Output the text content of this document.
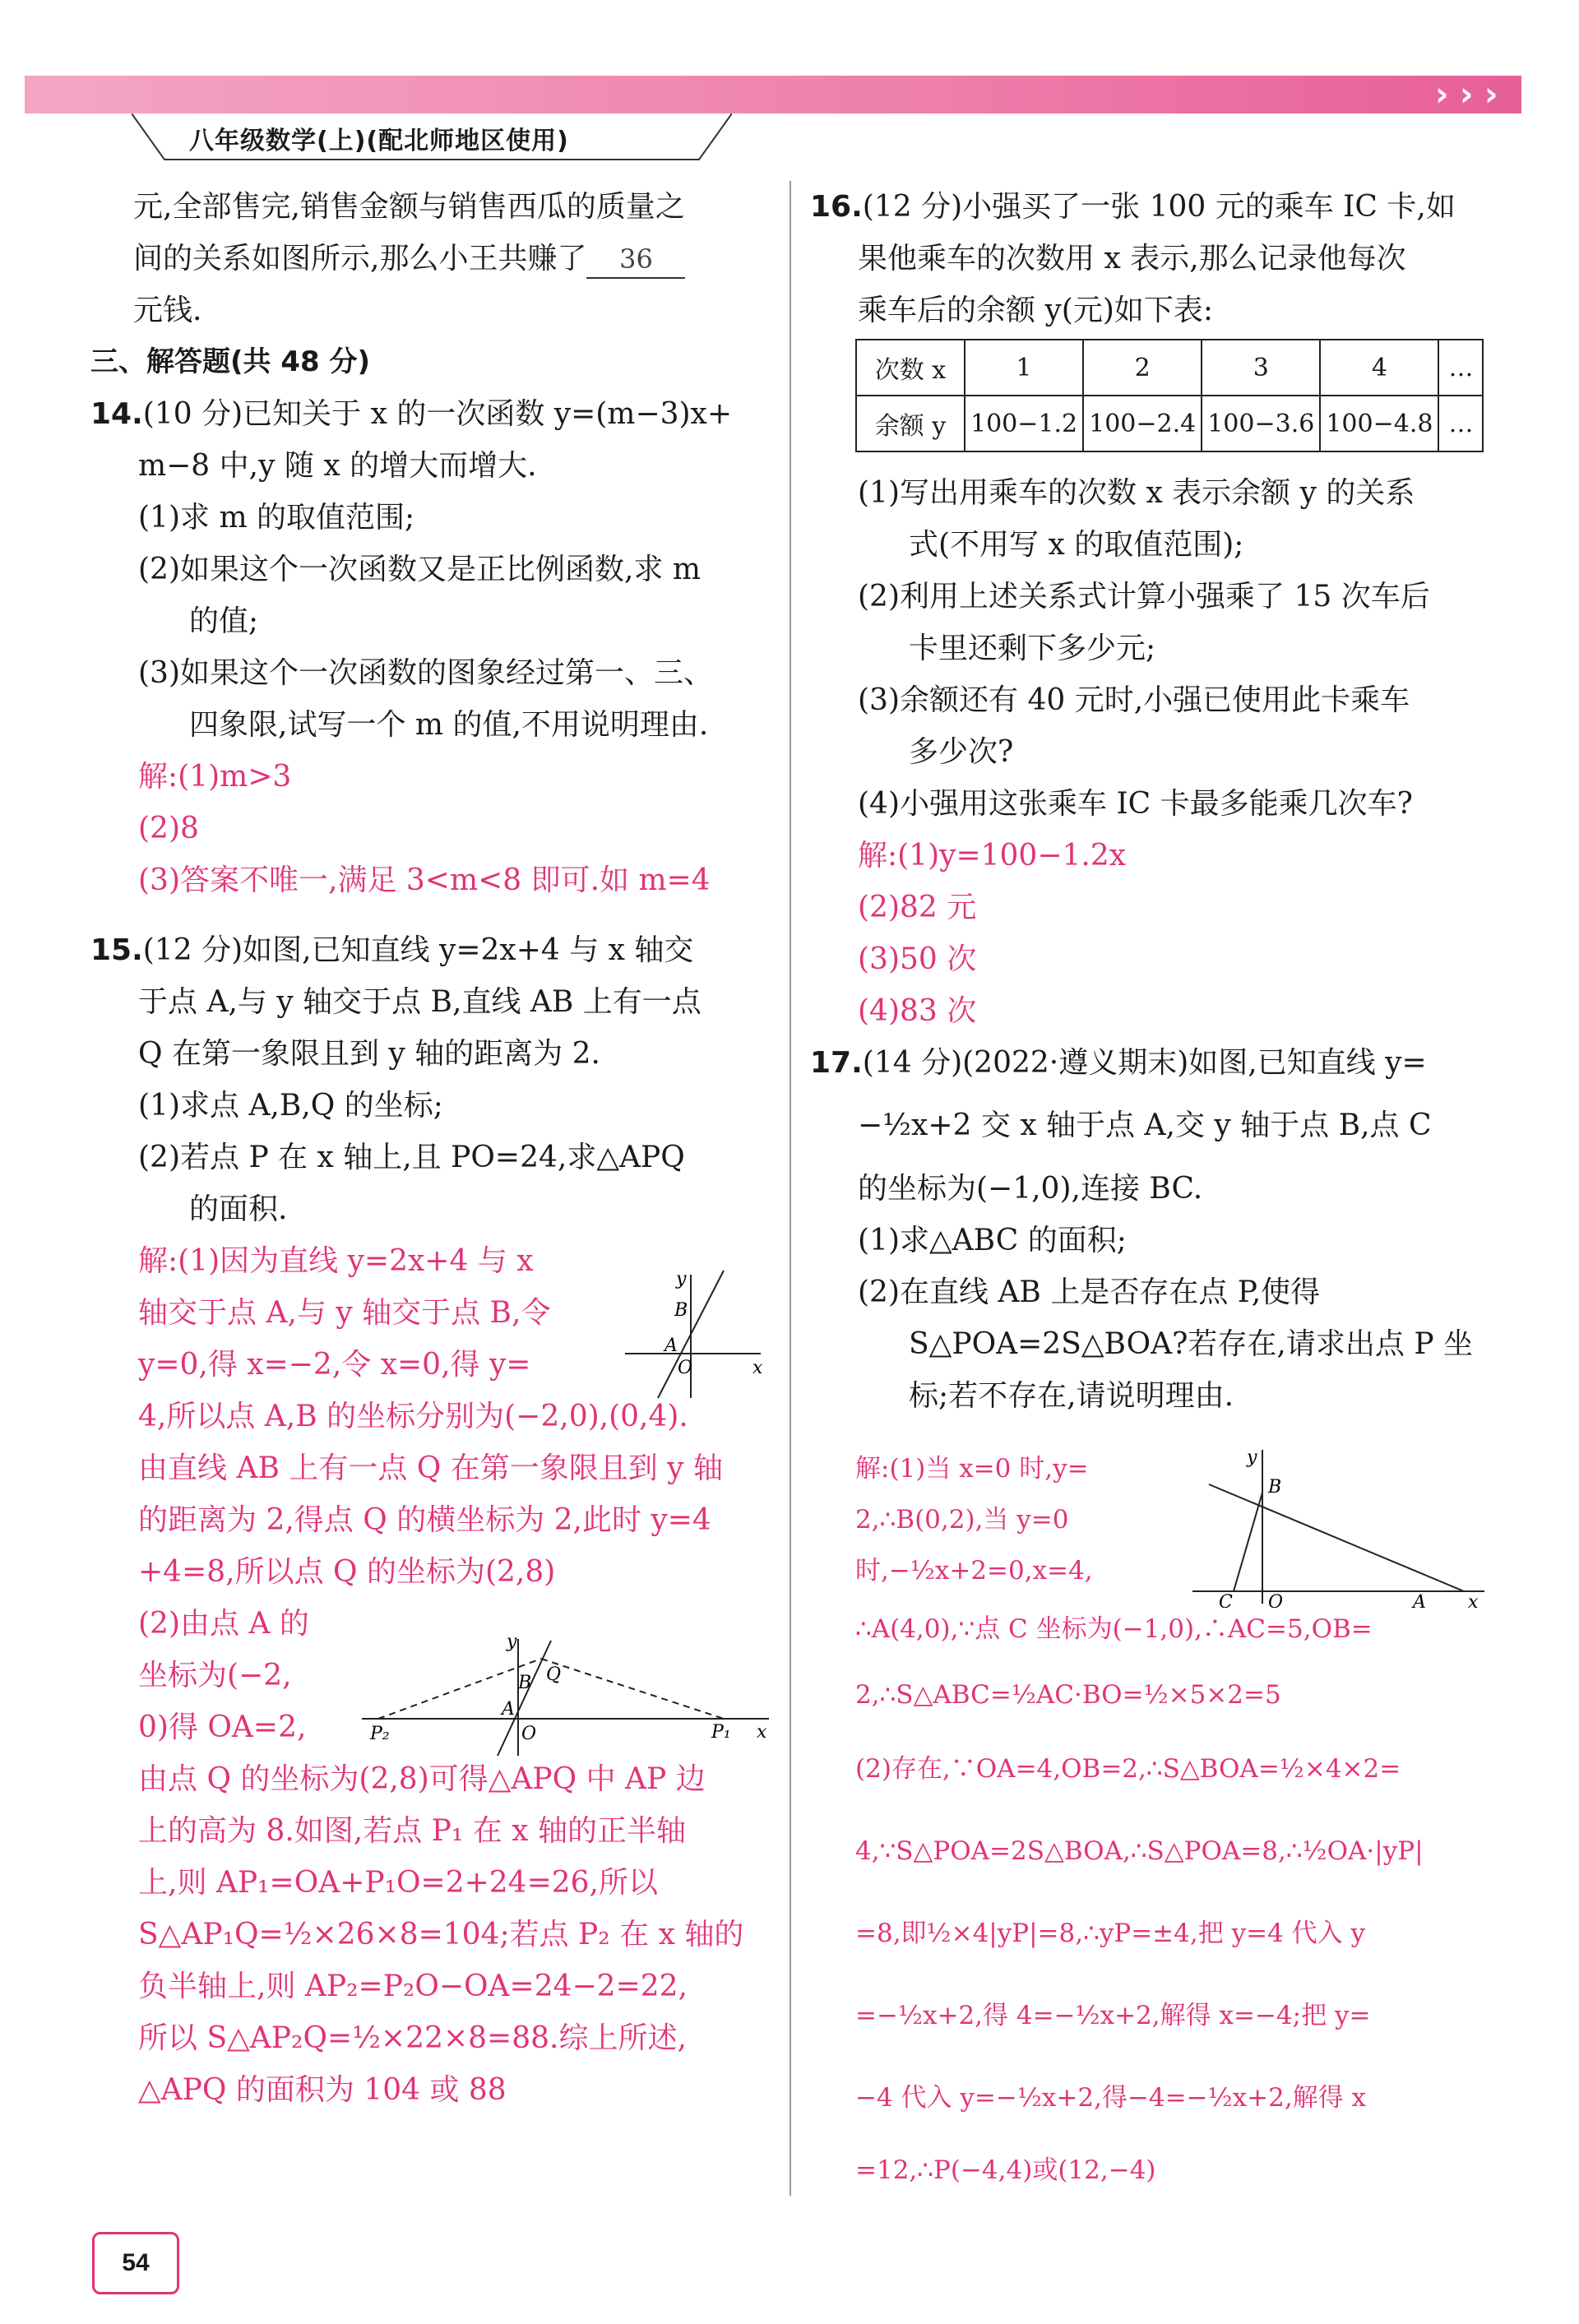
› › ›
八年级数学(上)(配北师地区使用)

元,全部售完,销售金额与销售西瓜的质量之

间的关系如图所示,那么小王共赚了 36

元钱.

三、解答题(共 48 分)

14.(10 分)已知关于 x 的一次函数 y=(m−3)x+

m−8 中,y 随 x 的增大而增大.

(1)求 m 的取值范围;

(2)如果这个一次函数又是正比例函数,求 m

的值;

(3)如果这个一次函数的图象经过第一、三、

四象限,试写一个 m 的值,不用说明理由.

解:(1)m>3

(2)8

(3)答案不唯一,满足 3<m<8 即可.如 m=4

15.(12 分)如图,已知直线 y=2x+4 与 x 轴交

于点 A,与 y 轴交于点 B,直线 AB 上有一点

Q 在第一象限且到 y 轴的距离为 2.

(1)求点 A,B,Q 的坐标;

(2)若点 P 在 x 轴上,且 PO=24,求△APQ

的面积.

解:(1)因为直线 y=2x+4 与 x

轴交于点 A,与 y 轴交于点 B,令

y=0,得 x=−2,令 x=0,得 y=

4,所以点 A,B 的坐标分别为(−2,0),(0,4).

由直线 AB 上有一点 Q 在第一象限且到 y 轴

的距离为 2,得点 Q 的横坐标为 2,此时 y=4

+4=8,所以点 Q 的坐标为(2,8)

(2)由点 A 的

坐标为(−2,

0)得 OA=2,

由点 Q 的坐标为(2,8)可得△APQ 中 AP 边

上的高为 8.如图,若点 P₁ 在 x 轴的正半轴

上,则 AP₁=OA+P₁O=2+24=26,所以

S△AP₁Q=½×26×8=104;若点 P₂ 在 x 轴的

负半轴上,则 AP₂=P₂O−OA=24−2=22,

所以 S△AP₂Q=½×22×8=88.综上所述,

△APQ 的面积为 104 或 88

y
x
B
A
O
y
x
B
A
O
Q
P₁
P₂

16.(12 分)小强买了一张 100 元的乘车 IC 卡,如

果他乘车的次数用 x 表示,那么记录他每次

乘车后的余额 y(元)如下表:

次数 x	1	2	3	4	…
余额 y	100−1.2	100−2.4	100−3.6	100−4.8	…

(1)写出用乘车的次数 x 表示余额 y 的关系

式(不用写 x 的取值范围);

(2)利用上述关系式计算小强乘了 15 次车后

卡里还剩下多少元;

(3)余额还有 40 元时,小强已使用此卡乘车

多少次?

(4)小强用这张乘车 IC 卡最多能乘几次车?

解:(1)y=100−1.2x

(2)82 元

(3)50 次

(4)83 次

17.(14 分)(2022·遵义期末)如图,已知直线 y=

−½x+2 交 x 轴于点 A,交 y 轴于点 B,点 C

的坐标为(−1,0),连接 BC.

(1)求△ABC 的面积;

(2)在直线 AB 上是否存在点 P,使得

S△POA=2S△BOA?若存在,请求出点 P 坐

标;若不存在,请说明理由.

解:(1)当 x=0 时,y=

2,∴B(0,2),当 y=0

时,−½x+2=0,x=4,

∴A(4,0),∵点 C 坐标为(−1,0),∴AC=5,OB=

2,∴S△ABC=½AC·BO=½×5×2=5

(2)存在,∵OA=4,OB=2,∴S△BOA=½×4×2=

4,∵S△POA=2S△BOA,∴S△POA=8,∴½OA·|yP|

=8,即½×4|yP|=8,∴yP=±4,把 y=4 代入 y

=−½x+2,得 4=−½x+2,解得 x=−4;把 y=

−4 代入 y=−½x+2,得−4=−½x+2,解得 x

=12,∴P(−4,4)或(12,−4)

y
x
B
A
O
C
54
